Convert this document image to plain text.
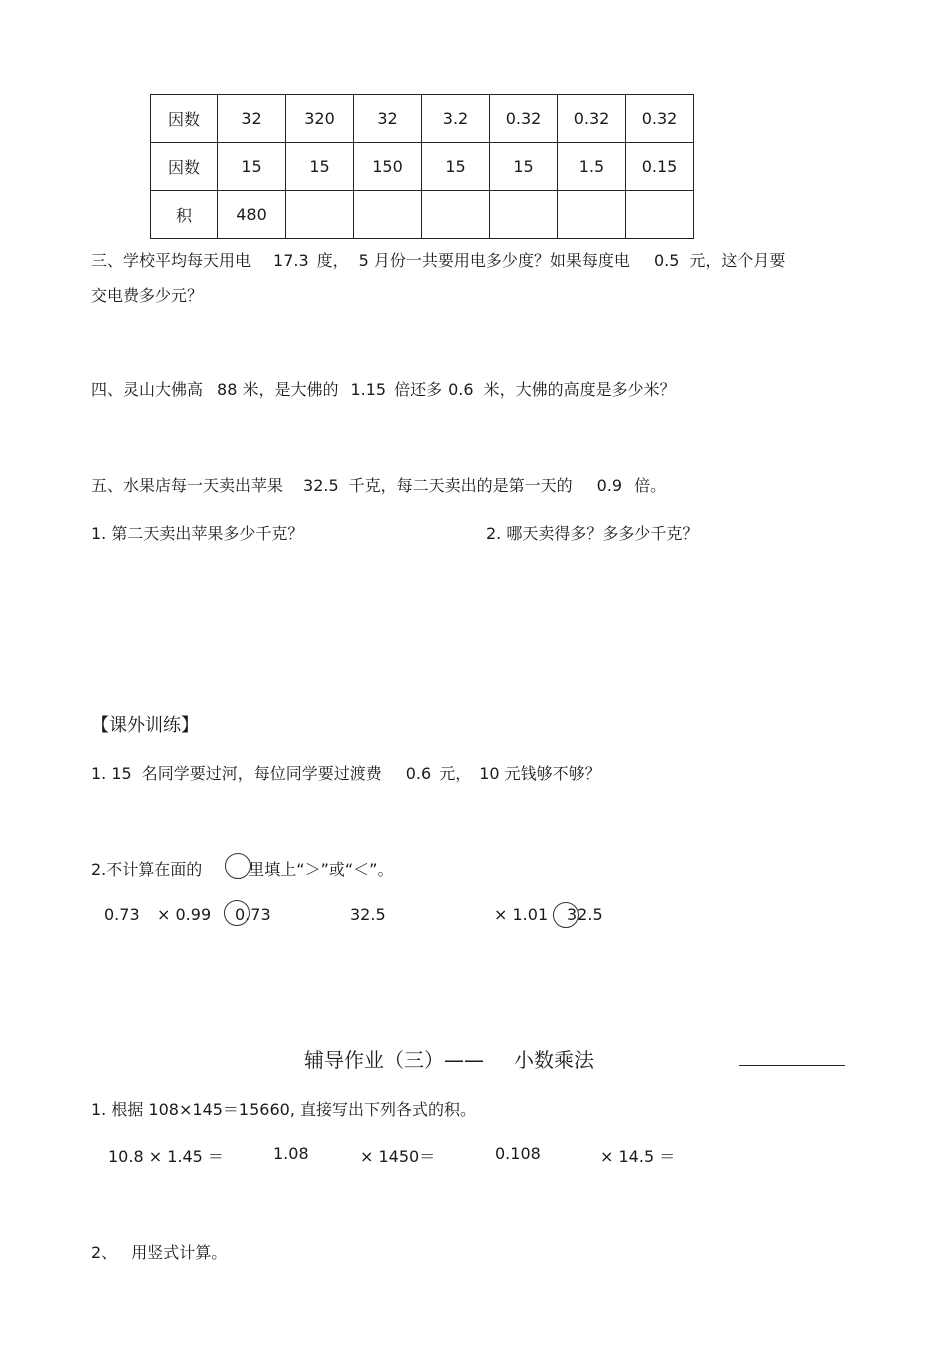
因数	32	320	32	3.2	0.32	0.32	0.32
因数	15	15	150	15	15	1.5	0.15
积	480						
三、学校平均每天用电 17.3 度， 5 月份一共要用电多少度？如果每度电 0.5 元，这个月要
交电费多少元？
四、灵山大佛高 88 米，是大佛的 1.15 倍还多 0.6 米，大佛的高度是多少米？
五、水果店每一天卖出苹果 32.5 千克，每二天卖出的是第一天的 0.9 倍。
1. 第二天卖出苹果多少千克？	2. 哪天卖得多？多多少千克？
【课外训练】
1. 15 名同学要过河，每位同学要过渡费 0.6 元， 10 元钱够不够？
2.不计算在面的	里填上“＞”或“＜”。
0.73 × 0.99 0.73	32.5	× 1.01 32.5
辅导作业（三）—— 小数乘法
1. 根据 108×145＝15660, 直接写出下列各式的积。
10.8 × 1.45 ＝	1.08	× 1450＝	0.108	× 14.5 ＝
2、 用竖式计算。
